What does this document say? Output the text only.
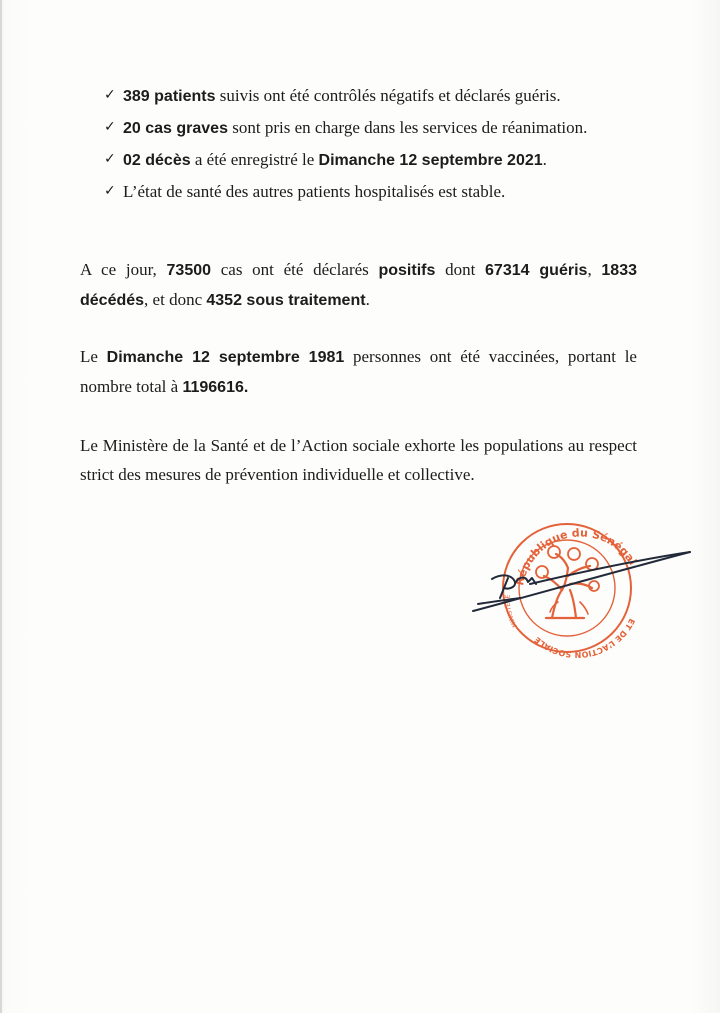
✓ 389 patients suivis ont été contrôlés négatifs et déclarés guéris.
✓ 20 cas graves sont pris en charge dans les services de réanimation.
✓ 02 décès a été enregistré le Dimanche 12 septembre 2021.
✓ L’état de santé des autres patients hospitalisés est stable.

A ce jour, 73500 cas ont été déclarés positifs dont 67314 guéris, 1833 décédés, et donc 4352 sous traitement.

Le Dimanche 12 septembre 1981 personnes ont été vaccinées, portant le nombre total à 1196616.

Le Ministère de la Santé et de l’Action sociale exhorte les populations au respect strict des mesures de prévention individuelle et collective.

République du Sénégal
ET DE L’ACTION SOCIALE
MINISTÈRE
